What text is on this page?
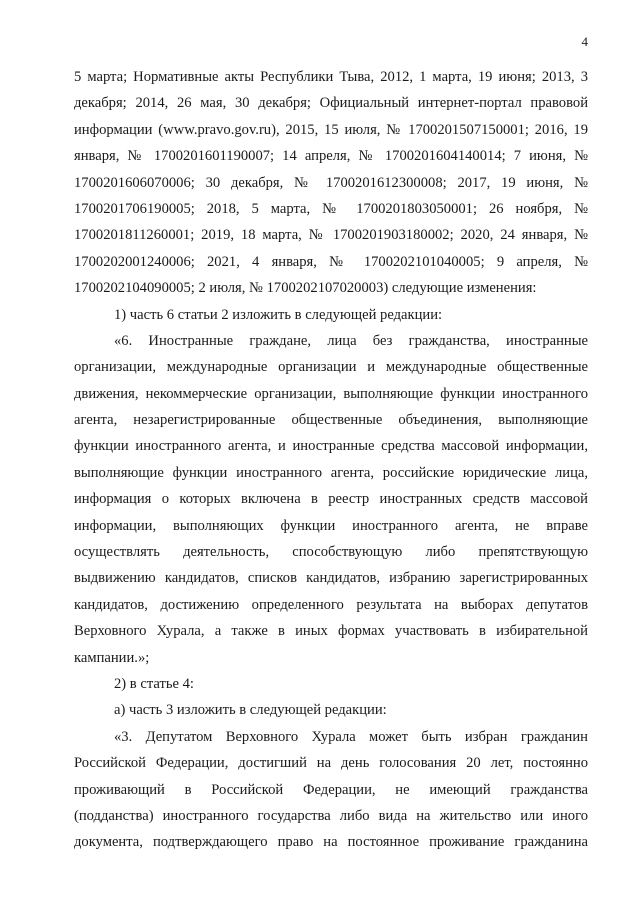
4
5 марта; Нормативные акты Республики Тыва, 2012, 1 марта, 19 июня; 2013, 3
декабря; 2014, 26 мая, 30 декабря; Официальный интернет-портал правовой
информации (www.pravo.gov.ru), 2015, 15 июля, № 1700201507150001; 2016, 19
января, № 1700201601190007; 14 апреля, № 1700201604140014; 7 июня, №
1700201606070006; 30 декабря, № 1700201612300008; 2017, 19 июня, №
1700201706190005; 2018, 5 марта, № 1700201803050001; 26 ноября, №
1700201811260001; 2019, 18 марта, № 1700201903180002; 2020, 24 января, №
1700202001240006; 2021, 4 января, № 1700202101040005; 9 апреля, №
1700202104090005; 2 июля, № 1700202107020003) следующие изменения:
1) часть 6 статьи 2 изложить в следующей редакции:
«6. Иностранные граждане, лица без гражданства, иностранные
организации, международные организации и международные общественные
движения, некоммерческие организации, выполняющие функции иностранного
агента, незарегистрированные общественные объединения, выполняющие
функции иностранного агента, и иностранные средства массовой информации,
выполняющие функции иностранного агента, российские юридические лица,
информация о которых включена в реестр иностранных средств массовой
информации, выполняющих функции иностранного агента, не вправе
осуществлять деятельность, способствующую либо препятствующую
выдвижению кандидатов, списков кандидатов, избранию зарегистрированных
кандидатов, достижению определенного результата на выборах депутатов
Верховного Хурала, а также в иных формах участвовать в избирательной
кампании.»;
2) в статье 4:
а) часть 3 изложить в следующей редакции:
«3. Депутатом Верховного Хурала может быть избран гражданин
Российской Федерации, достигший на день голосования 20 лет, постоянно
проживающий в Российской Федерации, не имеющий гражданства
(подданства) иностранного государства либо вида на жительство или иного
документа, подтверждающего право на постоянное проживание гражданина
